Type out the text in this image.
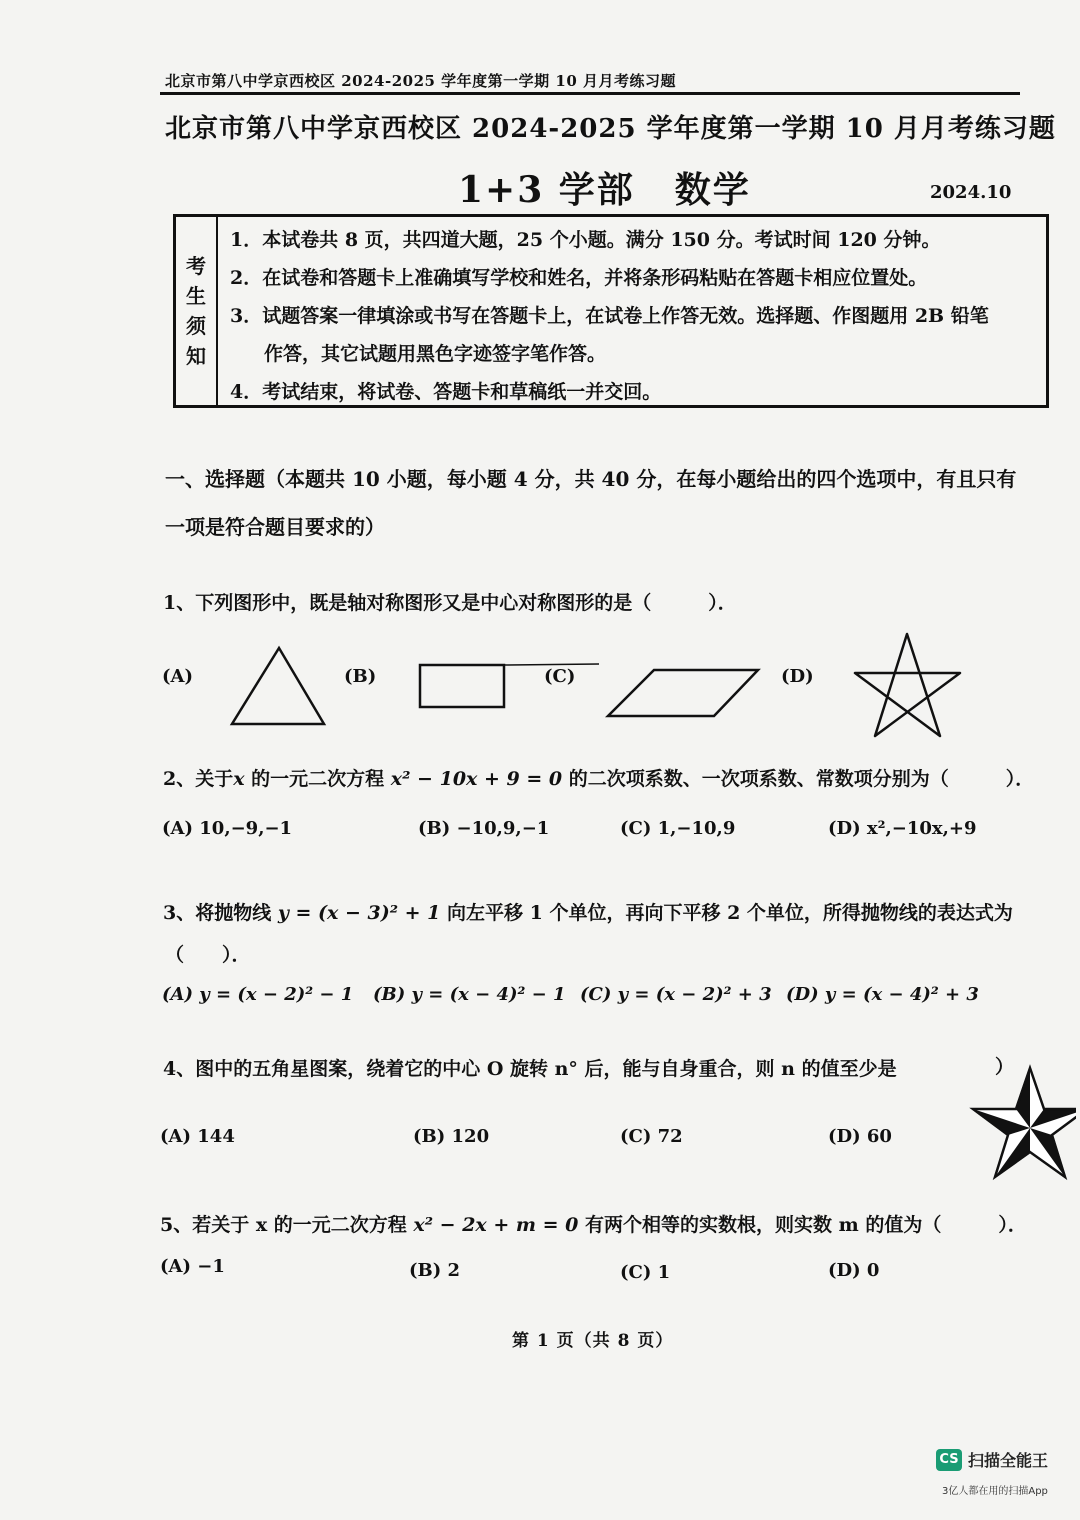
北京市第八中学京西校区 2024-2025 学年度第一学期 10 月月考练习题
北京市第八中学京西校区 2024-2025 学年度第一学期 10 月月考练习题
1+3 学部 数学	2024.10
考
生
须
知
1．本试卷共 8 页，共四道大题，25 个小题。满分 150 分。考试时间 120 分钟。
2．在试卷和答题卡上准确填写学校和姓名，并将条形码粘贴在答题卡相应位置处。
3．试题答案一律填涂或书写在答题卡上，在试卷上作答无效。选择题、作图题用 2B 铅笔
作答，其它试题用黑色字迹签字笔作答。
4．考试结束，将试卷、答题卡和草稿纸一并交回。
一、选择题（本题共 10 小题，每小题 4 分，共 40 分，在每小题给出的四个选项中，有且只有一项是符合题目要求的）
1、下列图形中，既是轴对称图形又是中心对称图形的是（　　　）．
(A)	(B)	(C)	(D)
2、关于x 的一元二次方程 x² − 10x + 9 = 0 的二次项系数、一次项系数、常数项分别为（　　　）．
(A) 10,−9,−1	(B) −10,9,−1	(C) 1,−10,9	(D) x²,−10x,+9
3、将抛物线 y = (x − 3)² + 1 向左平移 1 个单位，再向下平移 2 个单位，所得抛物线的表达式为
（　　）．
(A) y = (x − 2)² − 1 (B) y = (x − 4)² − 1 (C) y = (x − 2)² + 3 (D) y = (x − 4)² + 3
4、图中的五角星图案，绕着它的中心 O 旋转 n° 后，能与自身重合，则 n 的值至少是	）
(A) 144	(B) 120	(C) 72	(D) 60
5、若关于 x 的一元二次方程 x² − 2x + m = 0 有两个相等的实数根，则实数 m 的值为（　　　）．
(A) −1	(B) 2	(C) 1	(D) 0
第 1 页（共 8 页）
CS 扫描全能王
3亿人都在用的扫描App
